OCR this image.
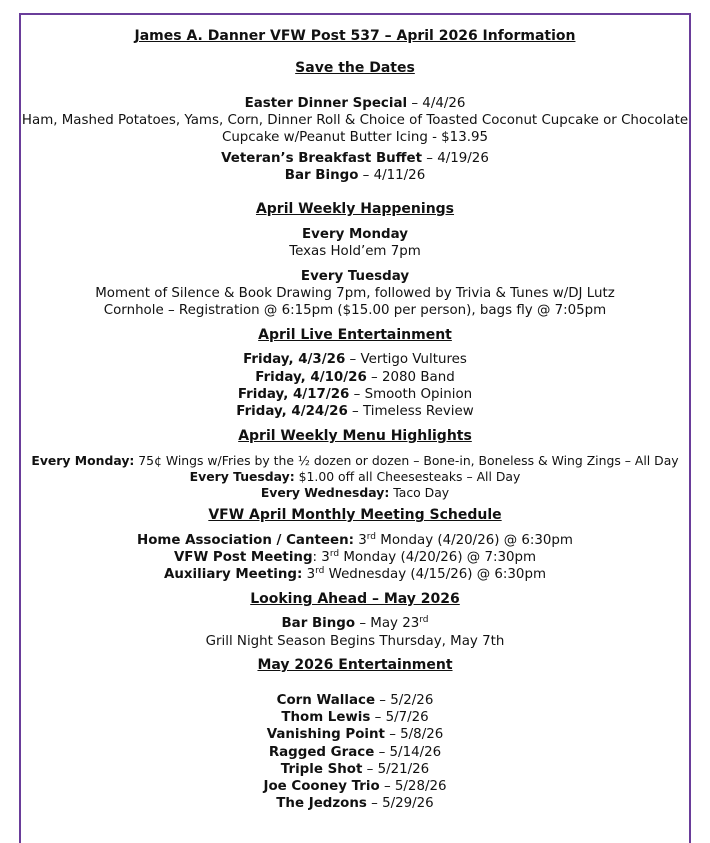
James A. Danner VFW Post 537 – April 2026 Information
Save the Dates
Easter Dinner Special – 4/4/26
Ham, Mashed Potatoes, Yams, Corn, Dinner Roll & Choice of Toasted Coconut Cupcake or Chocolate
Cupcake w/Peanut Butter Icing - $13.95
Veteran’s Breakfast Buffet – 4/19/26
Bar Bingo – 4/11/26
April Weekly Happenings
Every Monday
Texas Hold’em 7pm
Every Tuesday
Moment of Silence & Book Drawing 7pm, followed by Trivia & Tunes w/DJ Lutz
Cornhole – Registration @ 6:15pm ($15.00 per person), bags fly @ 7:05pm
April Live Entertainment
Friday, 4/3/26 – Vertigo Vultures
Friday, 4/10/26 – 2080 Band
Friday, 4/17/26 – Smooth Opinion
Friday, 4/24/26 – Timeless Review
April Weekly Menu Highlights
Every Monday: 75¢ Wings w/Fries by the ½ dozen or dozen – Bone-in, Boneless & Wing Zings – All Day
Every Tuesday: $1.00 off all Cheesesteaks – All Day
Every Wednesday: Taco Day
VFW April Monthly Meeting Schedule
Home Association / Canteen: 3rd Monday (4/20/26) @ 6:30pm
VFW Post Meeting: 3rd Monday (4/20/26) @ 7:30pm
Auxiliary Meeting: 3rd Wednesday (4/15/26) @ 6:30pm
Looking Ahead – May 2026
Bar Bingo – May 23rd
Grill Night Season Begins Thursday, May 7th
May 2026 Entertainment
Corn Wallace – 5/2/26
Thom Lewis – 5/7/26
Vanishing Point – 5/8/26
Ragged Grace – 5/14/26
Triple Shot – 5/21/26
Joe Cooney Trio – 5/28/26
The Jedzons – 5/29/26
